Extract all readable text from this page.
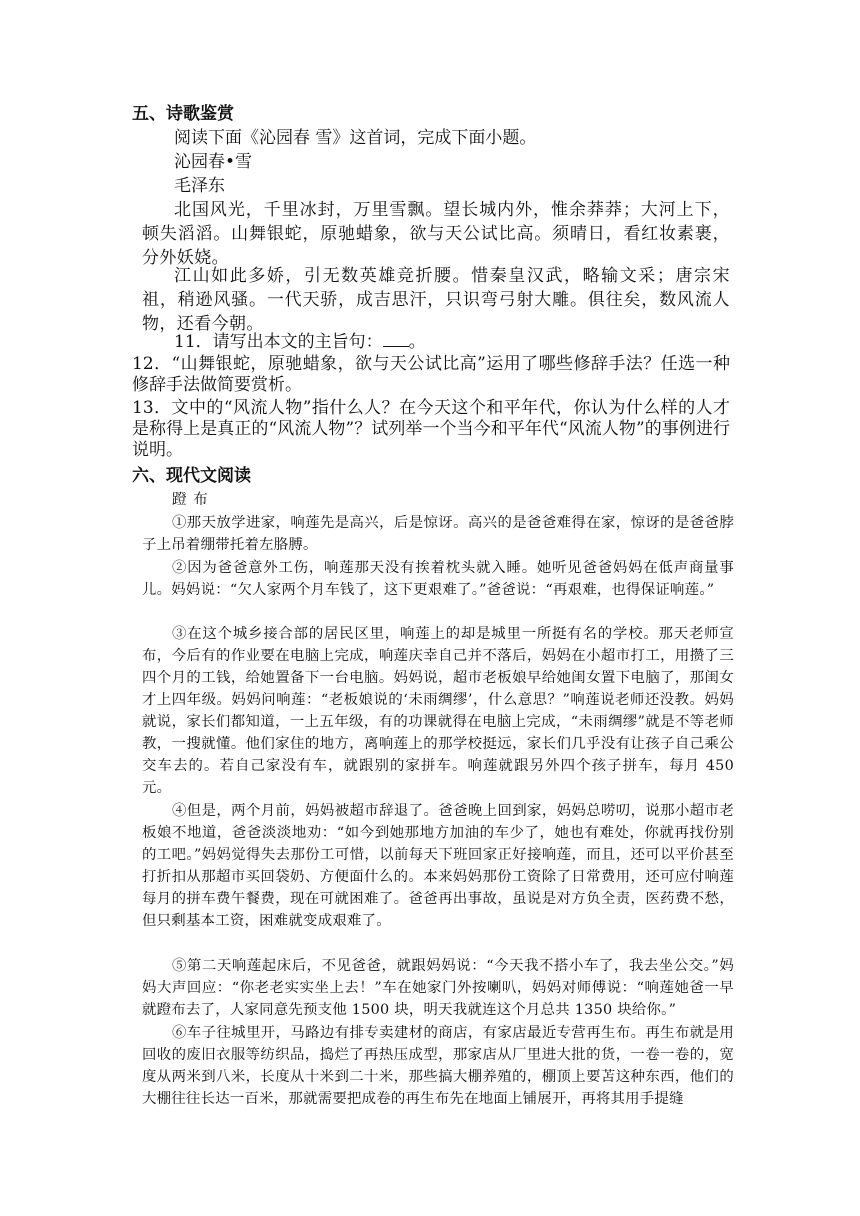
五、诗歌鉴赏

阅读下面《沁园春 雪》这首词，完成下面小题。

沁园春•雪

毛泽东

北国风光，千里冰封，万里雪飘。望长城内外，惟余莽莽；大河上下，顿失滔滔。山舞银蛇，原驰蜡象，欲与天公试比高。须晴日，看红妆素裹，分外妖娆。

江山如此多娇，引无数英雄竞折腰。惜秦皇汉武，略输文采；唐宗宋祖，稍逊风骚。一代天骄，成吉思汗，只识弯弓射大雕。俱往矣，数风流人物，还看今朝。

11．请写出本文的主旨句： 。

12．“山舞银蛇，原驰蜡象，欲与天公试比高”运用了哪些修辞手法？任选一种修辞手法做简要赏析。

13．文中的“风流人物”指什么人？在今天这个和平年代，你认为什么样的人才是称得上是真正的“风流人物”？试列举一个当今和平年代“风流人物”的事例进行说明。

六、现代文阅读

蹬 布

①那天放学进家，响莲先是高兴，后是惊讶。高兴的是爸爸难得在家，惊讶的是爸爸脖子上吊着绷带托着左胳膊。

②因为爸爸意外工伤，响莲那天没有挨着枕头就入睡。她听见爸爸妈妈在低声商量事儿。妈妈说：“欠人家两个月车钱了，这下更艰难了。”爸爸说：“再艰难，也得保证响莲。”

③在这个城乡接合部的居民区里，响莲上的却是城里一所挺有名的学校。那天老师宣布，今后有的作业要在电脑上完成，响莲庆幸自己并不落后，妈妈在小超市打工，用攒了三四个月的工钱，给她置备下一台电脑。妈妈说，超市老板娘早给她闺女置下电脑了，那闺女才上四年级。妈妈问响莲：“老板娘说的‘未雨绸缪’，什么意思？”响莲说老师还没教。妈妈就说，家长们都知道，一上五年级，有的功课就得在电脑上完成，“未雨绸缪”就是不等老师教，一搜就懂。他们家住的地方，离响莲上的那学校挺远，家长们几乎没有让孩子自己乘公交车去的。若自己家没有车，就跟别的家拼车。响莲就跟另外四个孩子拼车，每月 450 元。

④但是，两个月前，妈妈被超市辞退了。爸爸晚上回到家，妈妈总唠叨，说那小超市老板娘不地道，爸爸淡淡地劝：“如今到她那地方加油的车少了，她也有难处，你就再找份别的工吧。”妈妈觉得失去那份工可惜，以前每天下班回家正好接响莲，而且，还可以平价甚至打折扣从那超市买回袋奶、方便面什么的。本来妈妈那份工资除了日常费用，还可应付响莲每月的拼车费午餐费，现在可就困难了。爸爸再出事故，虽说是对方负全责，医药费不愁，但只剩基本工资，困难就变成艰难了。

⑤第二天响莲起床后，不见爸爸，就跟妈妈说：“今天我不搭小车了，我去坐公交。”妈妈大声回应：“你老老实实坐上去！”车在她家门外按喇叭，妈妈对师傅说：“响莲她爸一早就蹬布去了，人家同意先预支他 1500 块，明天我就连这个月总共 1350 块给你。”

⑥车子往城里开，马路边有排专卖建材的商店，有家店最近专营再生布。再生布就是用回收的废旧衣服等纺织品，捣烂了再热压成型，那家店从厂里进大批的货，一卷一卷的，宽度从两米到八米，长度从十米到二十米，那些搞大棚养殖的，棚顶上要苫这种东西，他们的大棚往往长达一百米，那就需要把成卷的再生布先在地面上铺展开，再将其用手提缝
